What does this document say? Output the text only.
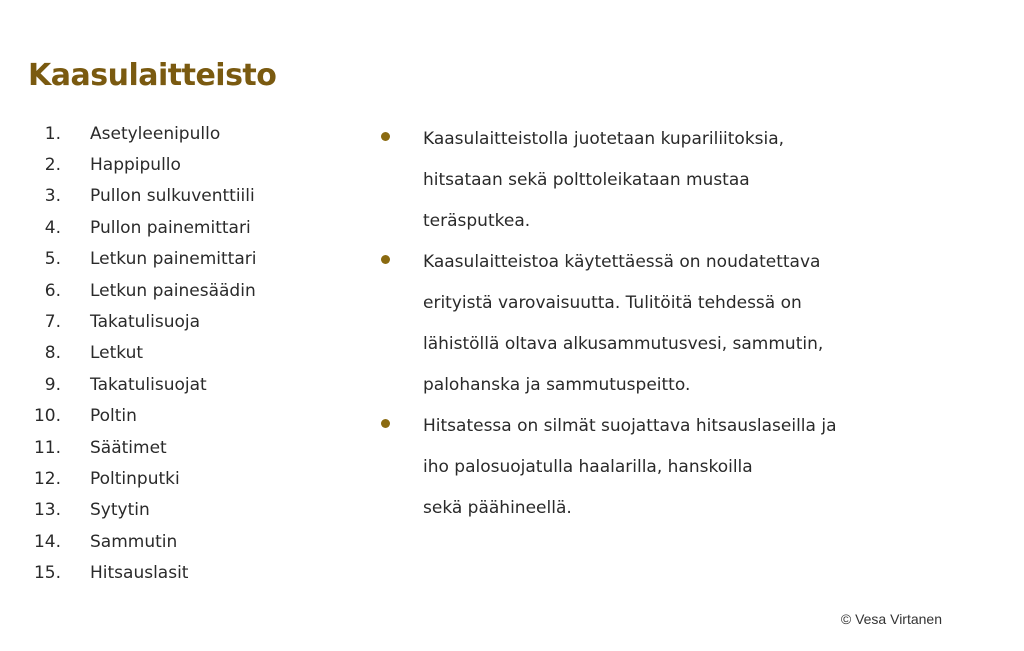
Kaasulaitteisto
1. Asetyleenipullo
2. Happipullo
3. Pullon sulkuventtiili
4. Pullon painemittari
5. Letkun painemittari
6. Letkun painesäädin
7. Takatulisuoja
8. Letkut
9. Takatulisuojat
10. Poltin
11. Säätimet
12. Poltinputki
13. Sytytin
14. Sammutin
15. Hitsauslasit
Kaasulaitteistolla juotetaan kupariliitoksia,
hitsataan sekä polttoleikataan mustaa
teräsputkea.
Kaasulaitteistoa käytettäessä on noudatettava
erityistä varovaisuutta. Tulitöitä tehdessä on
lähistöllä oltava alkusammutusvesi, sammutin,
palohanska ja sammutuspeitto.
Hitsatessa on silmät suojattava hitsauslaseilla ja
iho palosuojatulla haalarilla, hanskoilla
sekä päähineellä.
© Vesa Virtanen
